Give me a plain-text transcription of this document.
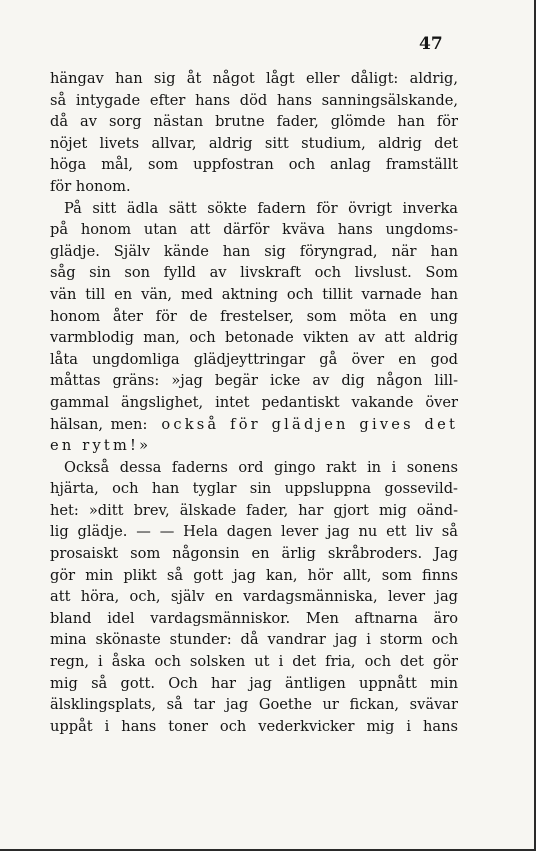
47
hängav han sig åt något lågt eller dåligt: aldrig,
så intygade efter hans död hans sanningsälskande,
då av sorg nästan brutne fader, glömde han för
nöjet livets allvar, aldrig sitt studium, aldrig det
höga mål, som uppfostran och anlag framställt
för honom.
På sitt ädla sätt sökte fadern för övrigt inverka
på honom utan att därför kväva hans ungdoms-
glädje. Själv kände han sig föryngrad, när han
såg sin son fylld av livskraft och livslust. Som
vän till en vän, med aktning och tillit varnade han
honom åter för de frestelser, som möta en ung
varmblodig man, och betonade vikten av att aldrig
låta ungdomliga glädjeyttringar gå över en god
måttas gräns: »jag begär icke av dig någon lill-
gammal ängslighet, intet pedantiskt vakande över
hälsan, men: också för glädjen gives det
en rytm!»
Också dessa faderns ord gingo rakt in i sonens
hjärta, och han tyglar sin uppsluppna gossevild-
het: »ditt brev, älskade fader, har gjort mig oänd-
lig glädje. — — Hela dagen lever jag nu ett liv så
prosaiskt som någonsin en ärlig skråbroders. Jag
gör min plikt så gott jag kan, hör allt, som finns
att höra, och, själv en vardagsmänniska, lever jag
bland idel vardagsmänniskor. Men aftnarna äro
mina skönaste stunder: då vandrar jag i storm och
regn, i åska och solsken ut i det fria, och det gör
mig så gott. Och har jag äntligen uppnått min
älsklingsplats, så tar jag Goethe ur fickan, svävar
uppåt i hans toner och vederkvicker mig i hans
